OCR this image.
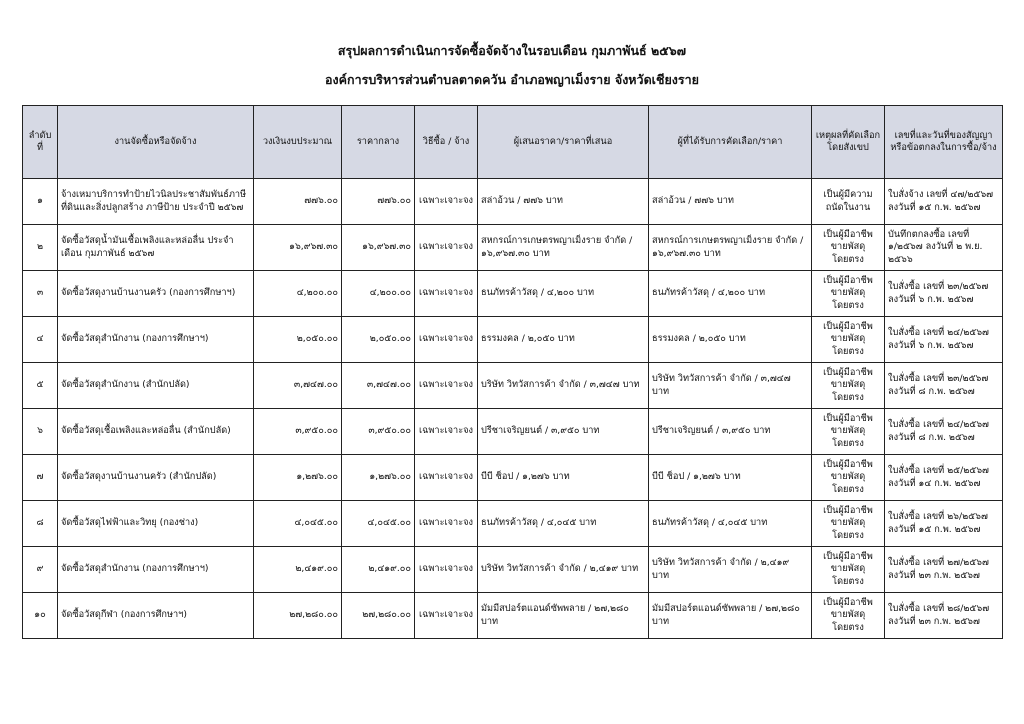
สรุปผลการดำเนินการจัดซื้อจัดจ้างในรอบเดือน กุมภาพันธ์ ๒๕๖๗
องค์การบริหารส่วนตำบลตาดควัน อำเภอพญาเม็งราย จังหวัดเชียงราย
ลำดับที่	งานจัดซื้อหรือจัดจ้าง	วงเงินงบประมาณ	ราคากลาง	วิธีซื้อ / จ้าง	ผู้เสนอราคา/ราคาที่เสนอ	ผู้ที่ได้รับการคัดเลือก/ราคา	เหตุผลที่คัดเลือก โดยสังเขป	เลขที่และวันที่ของสัญญา หรือข้อตกลงในการซื้อ/จ้าง
๑	จ้างเหมาบริการทำป้ายไวนิลประชาสัมพันธ์ภาษีที่ดินและสิ่งปลูกสร้าง ภาษีป้าย ประจำปี ๒๕๖๗	๗๗๖.๐๐	๗๗๖.๐๐	เฉพาะเจาะจง	สล่าอ้วน / ๗๗๖ บาท	สล่าอ้วน / ๗๗๖ บาท	เป็นผู้มีความถนัดในงาน	ใบสั่งจ้าง เลขที่ ๔๗/๒๕๖๗ ลงวันที่ ๑๕ ก.พ. ๒๕๖๗
๒	จัดซื้อวัสดุน้ำมันเชื้อเพลิงและหล่อลื่น ประจำเดือน กุมภาพันธ์ ๒๕๖๗	๑๖,๙๖๗.๓๐	๑๖,๙๖๗.๓๐	เฉพาะเจาะจง	สหกรณ์การเกษตรพญาเม็งราย จำกัด / ๑๖,๙๖๗.๓๐ บาท	สหกรณ์การเกษตรพญาเม็งราย จำกัด / ๑๖,๙๖๗.๓๐ บาท	เป็นผู้มีอาชีพขายพัสดุโดยตรง	บันทึกตกลงซื้อ เลขที่ ๑/๒๕๖๗ ลงวันที่ ๒ พ.ย. ๒๕๖๖
๓	จัดซื้อวัสดุงานบ้านงานครัว (กองการศึกษาฯ)	๔,๒๐๐.๐๐	๔,๒๐๐.๐๐	เฉพาะเจาะจง	ธนภัทรค้าวัสดุ / ๔,๒๐๐ บาท	ธนภัทรค้าวัสดุ / ๔,๒๐๐ บาท	เป็นผู้มีอาชีพขายพัสดุโดยตรง	ใบสั่งซื้อ เลขที่ ๒๓/๒๕๖๗ ลงวันที่ ๖ ก.พ. ๒๕๖๗
๔	จัดซื้อวัสดุสำนักงาน (กองการศึกษาฯ)	๒,๐๕๐.๐๐	๒,๐๕๐.๐๐	เฉพาะเจาะจง	ธรรมงคล / ๒,๐๕๐ บาท	ธรรมงคล / ๒,๐๕๐ บาท	เป็นผู้มีอาชีพขายพัสดุโดยตรง	ใบสั่งซื้อ เลขที่ ๒๔/๒๕๖๗ ลงวันที่ ๖ ก.พ. ๒๕๖๗
๕	จัดซื้อวัสดุสำนักงาน (สำนักปลัด)	๓,๗๔๗.๐๐	๓,๗๔๗.๐๐	เฉพาะเจาะจง	บริษัท วิทวัสการค้า จำกัด / ๓,๗๔๗ บาท	บริษัท วิทวัสการค้า จำกัด / ๓,๗๔๗ บาท	เป็นผู้มีอาชีพขายพัสดุโดยตรง	ใบสั่งซื้อ เลขที่ ๒๓/๒๕๖๗ ลงวันที่ ๘ ก.พ. ๒๕๖๗
๖	จัดซื้อวัสดุเชื้อเพลิงและหล่อลื่น (สำนักปลัด)	๓,๙๕๐.๐๐	๓,๙๕๐.๐๐	เฉพาะเจาะจง	ปรีชาเจริญยนต์ / ๓,๙๕๐ บาท	ปรีชาเจริญยนต์ / ๓,๙๕๐ บาท	เป็นผู้มีอาชีพขายพัสดุโดยตรง	ใบสั่งซื้อ เลขที่ ๒๔/๒๕๖๗ ลงวันที่ ๘ ก.พ. ๒๕๖๗
๗	จัดซื้อวัสดุงานบ้านงานครัว (สำนักปลัด)	๑,๒๗๖.๐๐	๑,๒๗๖.๐๐	เฉพาะเจาะจง	บีบี ช็อป / ๑,๒๗๖ บาท	บีบี ช็อป / ๑,๒๗๖ บาท	เป็นผู้มีอาชีพขายพัสดุโดยตรง	ใบสั่งซื้อ เลขที่ ๒๕/๒๕๖๗ ลงวันที่ ๑๔ ก.พ. ๒๕๖๗
๘	จัดซื้อวัสดุไฟฟ้าและวิทยุ (กองช่าง)	๔,๐๔๕.๐๐	๔,๐๔๕.๐๐	เฉพาะเจาะจง	ธนภัทรค้าวัสดุ / ๔,๐๔๕ บาท	ธนภัทรค้าวัสดุ / ๔,๐๔๕ บาท	เป็นผู้มีอาชีพขายพัสดุโดยตรง	ใบสั่งซื้อ เลขที่ ๒๖/๒๕๖๗ ลงวันที่ ๑๕ ก.พ. ๒๕๖๗
๙	จัดซื้อวัสดุสำนักงาน (กองการศึกษาฯ)	๒,๔๑๙.๐๐	๒,๔๑๙.๐๐	เฉพาะเจาะจง	บริษัท วิทวัสการค้า จำกัด / ๒,๔๑๙ บาท	บริษัท วิทวัสการค้า จำกัด / ๒,๔๑๙ บาท	เป็นผู้มีอาชีพขายพัสดุโดยตรง	ใบสั่งซื้อ เลขที่ ๒๗/๒๕๖๗ ลงวันที่ ๒๓ ก.พ. ๒๕๖๗
๑๐	จัดซื้อวัสดุกีฬา (กองการศึกษาฯ)	๒๗,๒๘๐.๐๐	๒๗,๒๘๐.๐๐	เฉพาะเจาะจง	มัมมีสปอร์ตแอนด์ซัพพลาย / ๒๗,๒๘๐ บาท	มัมมีสปอร์ตแอนด์ซัพพลาย / ๒๗,๒๘๐ บาท	เป็นผู้มีอาชีพขายพัสดุโดยตรง	ใบสั่งซื้อ เลขที่ ๒๘/๒๕๖๗ ลงวันที่ ๒๓ ก.พ. ๒๕๖๗
